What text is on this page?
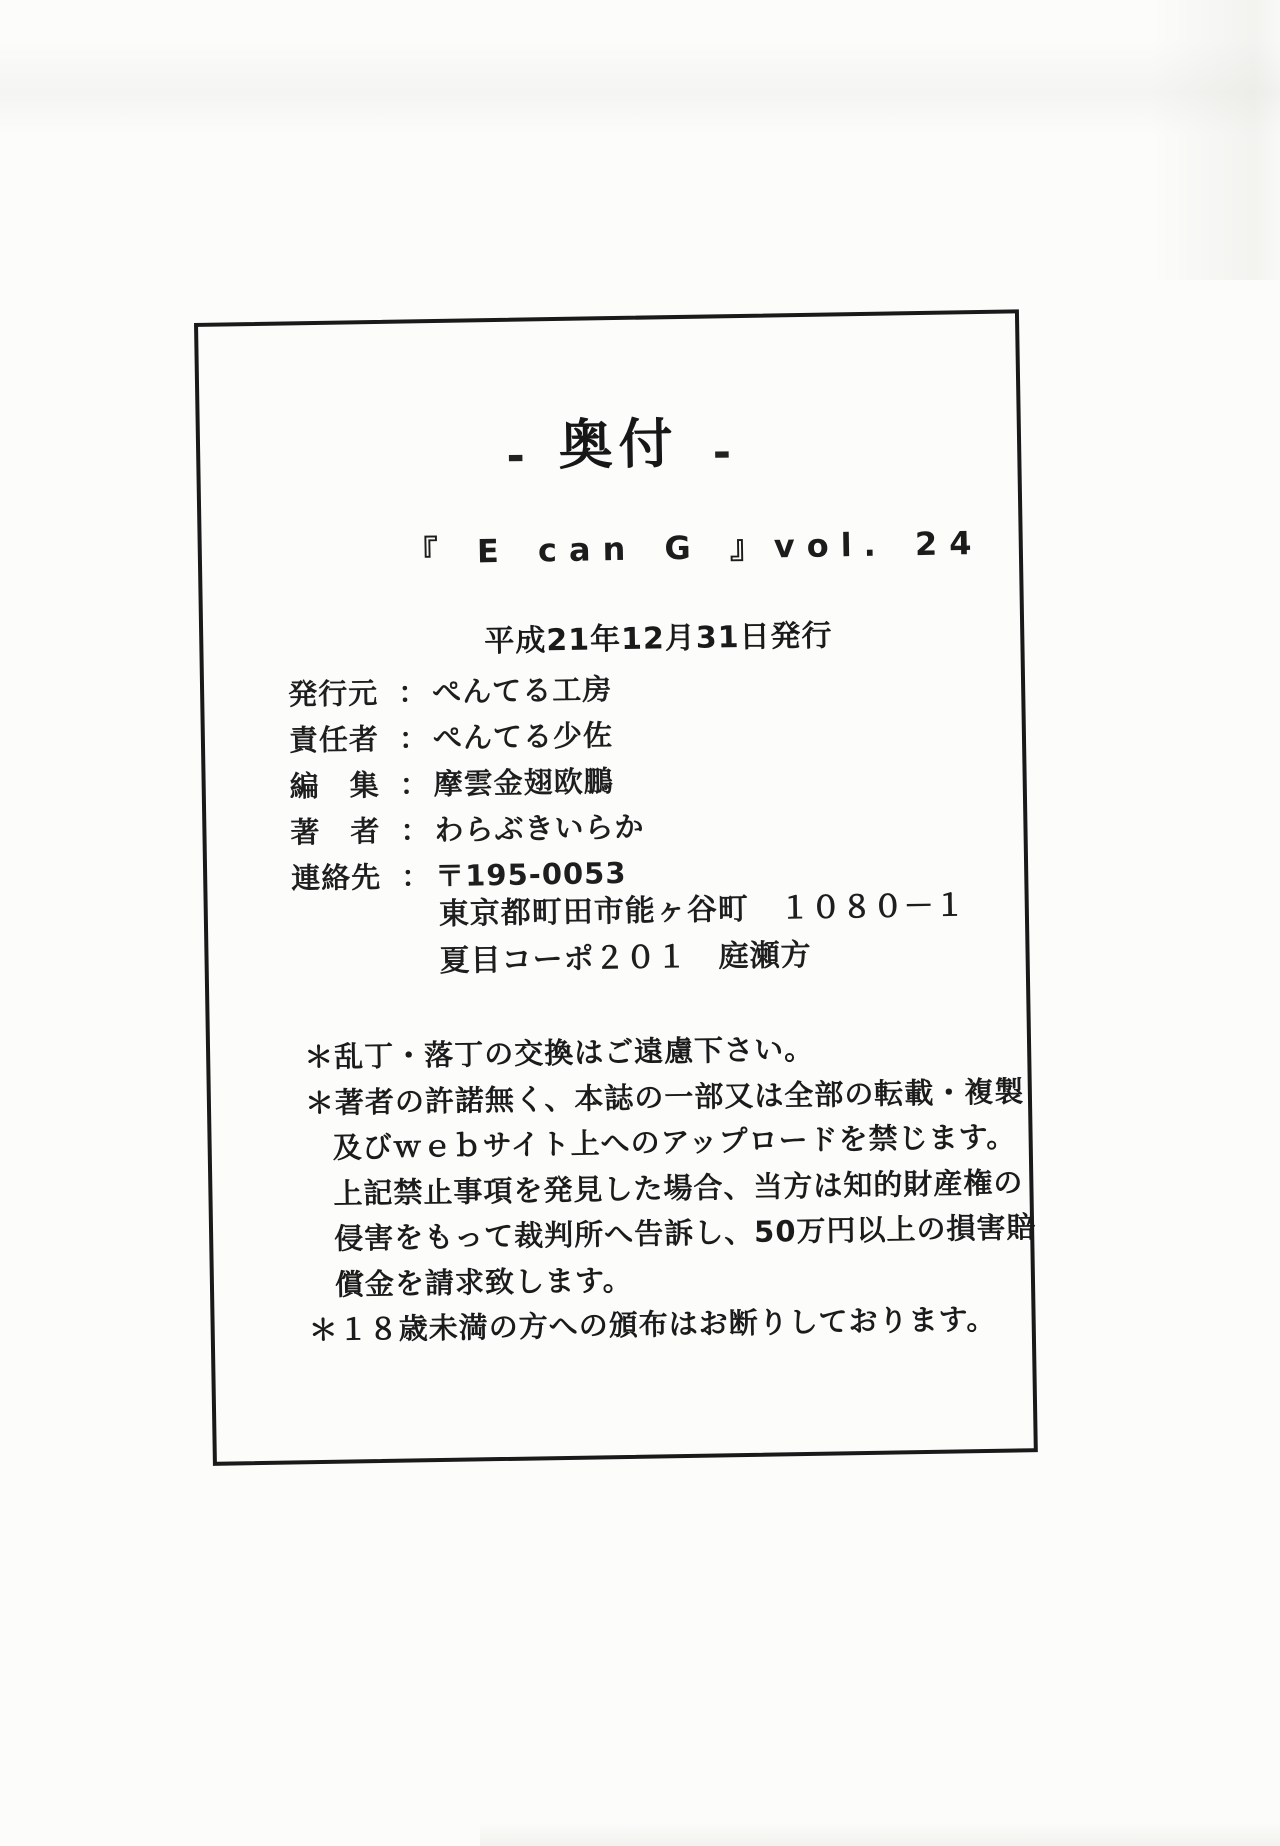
- 奥付 -
『 E can G 』vol. 24
平成21年12月31日発行
発行元 ： ぺんてる工房
責任者 ： ぺんてる少佐
編　集 ： 摩雲金翅欧鵬
著　者 ： わらぶきいらか
連絡先 ： 〒195-0053
東京都町田市能ヶ谷町　１０８０－１
夏目コーポ２０１　庭瀬方
＊乱丁・落丁の交換はご遠慮下さい。
＊著者の許諾無く、本誌の一部又は全部の転載・複製
及びｗｅｂサイト上へのアップロードを禁じます。
上記禁止事項を発見した場合、当方は知的財産権の
侵害をもって裁判所へ告訴し、50万円以上の損害賠
償金を請求致します。
＊１８歳未満の方への頒布はお断りしております。
